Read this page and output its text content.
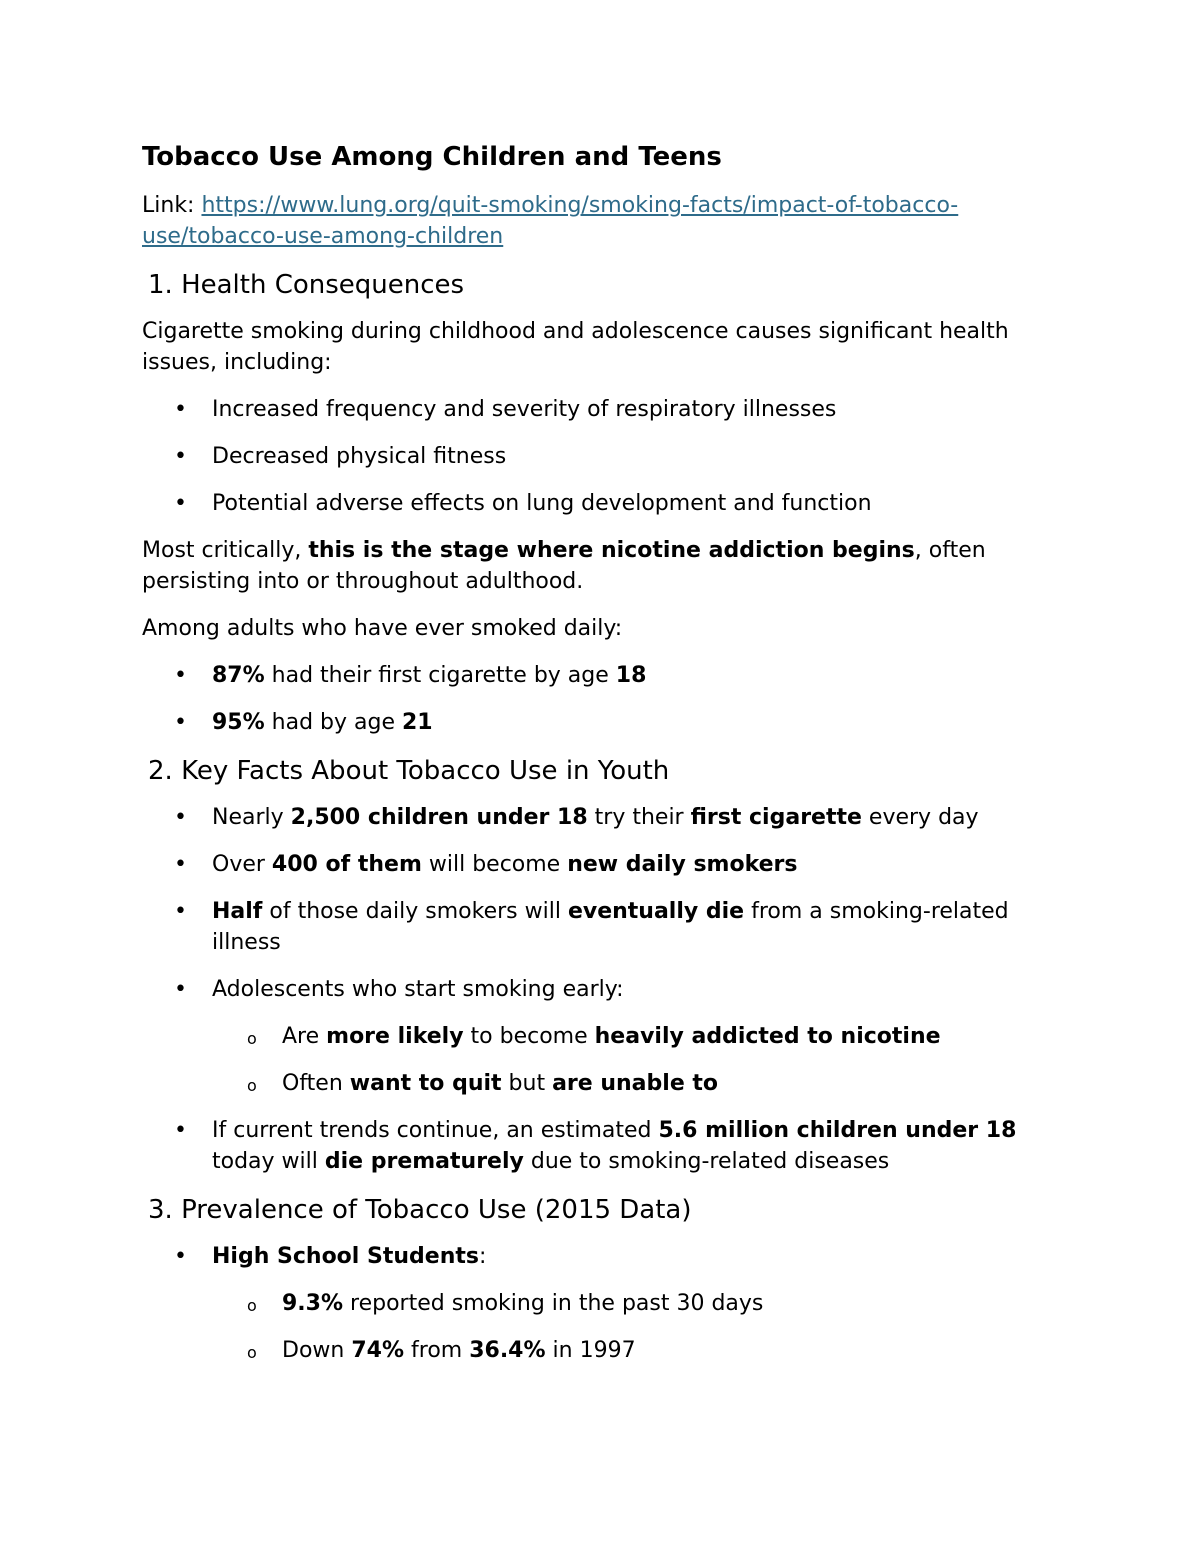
Tobacco Use Among Children and Teens

Link: https://www.lung.org/quit-smoking/smoking-facts/impact-of-tobacco-use/tobacco-use-among-children

1. Health Consequences

Cigarette smoking during childhood and adolescence causes significant health issues, including:

• Increased frequency and severity of respiratory illnesses
• Decreased physical fitness
• Potential adverse effects on lung development and function

Most critically, this is the stage where nicotine addiction begins, often persisting into or throughout adulthood.

Among adults who have ever smoked daily:

• 87% had their first cigarette by age 18
• 95% had by age 21
2. Key Facts About Tobacco Use in Youth
• Nearly 2,500 children under 18 try their first cigarette every day
• Over 400 of them will become new daily smokers
• Half of those daily smokers will eventually die from a smoking-related illness
• Adolescents who start smoking early:
o Are more likely to become heavily addicted to nicotine
o Often want to quit but are unable to
• If current trends continue, an estimated 5.6 million children under 18 today will die prematurely due to smoking-related diseases
3. Prevalence of Tobacco Use (2015 Data)
• High School Students:
o 9.3% reported smoking in the past 30 days
o Down 74% from 36.4% in 1997
